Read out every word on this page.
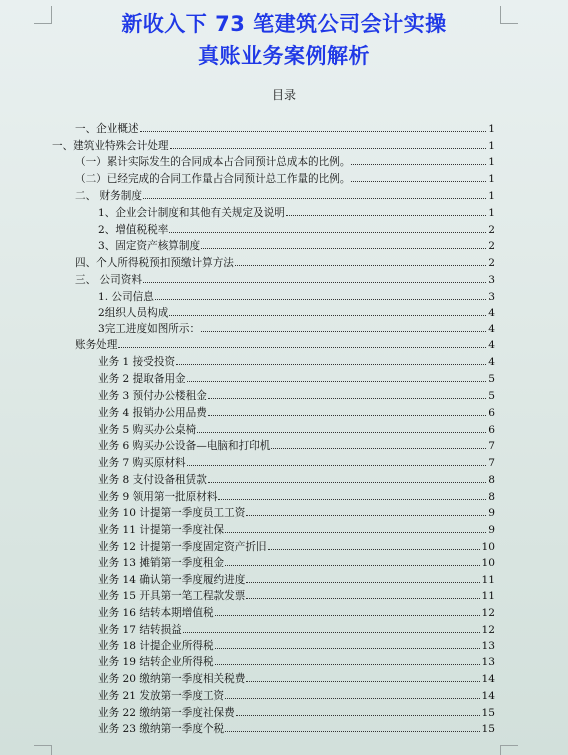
新收入下 73 笔建筑公司会计实操
真账业务案例解析
目录
一、企业概述	1
一、建筑业特殊会计处理	1
（一）累计实际发生的合同成本占合同预计总成本的比例。	1
（二）已经完成的合同工作量占合同预计总工作量的比例。	1
二、 财务制度	1
1、企业会计制度和其他有关规定及说明	1
2、增值税税率	2
3、固定资产核算制度	2
四、个人所得税预扣预缴计算方法	2
三、 公司资料	3
1. 公司信息	3
2组织人员构成	4
3完工进度如图所示：	4
账务处理	4
业务 1 接受投资	4
业务 2 提取备用金	5
业务 3 预付办公楼租金	5
业务 4 报销办公用品费	6
业务 5 购买办公桌椅	6
业务 6 购买办公设备—电脑和打印机	7
业务 7 购买原材料	7
业务 8 支付设备租赁款	8
业务 9 领用第一批原材料	8
业务 10 计提第一季度员工工资	9
业务 11 计提第一季度社保	9
业务 12 计提第一季度固定资产折旧	10
业务 13 摊销第一季度租金	10
业务 14 确认第一季度履约进度	11
业务 15 开具第一笔工程款发票	11
业务 16 结转本期增值税	12
业务 17 结转损益	12
业务 18 计提企业所得税	13
业务 19 结转企业所得税	13
业务 20 缴纳第一季度相关税费	14
业务 21 发放第一季度工资	14
业务 22 缴纳第一季度社保费	15
业务 23 缴纳第一季度个税	15
